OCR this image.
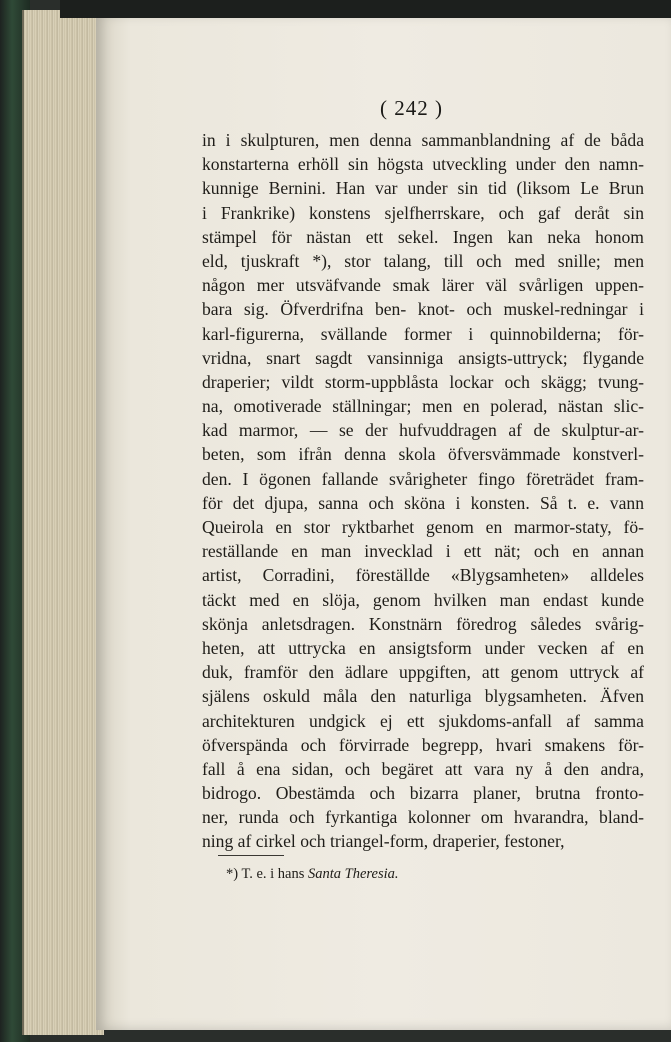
( 242 )
in i skulpturen, men denna sammanblandning af de båda
konstarterna erhöll sin högsta utveckling under den namn-
kunnige Bernini. Han var under sin tid (liksom Le Brun
i Frankrike) konstens sjelfherrskare, och gaf deråt sin
stämpel för nästan ett sekel. Ingen kan neka honom
eld, tjuskraft *), stor talang, till och med snille; men
någon mer utsväfvande smak lärer väl svårligen uppen-
bara sig. Öfverdrifna ben- knot- och muskel-redningar i
karl-figurerna, svällande former i quinnobilderna; för-
vridna, snart sagdt vansinniga ansigts-uttryck; flygande
draperier; vildt storm-uppblåsta lockar och skägg; tvung-
na, omotiverade ställningar; men en polerad, nästan slic-
kad marmor, — se der hufvuddragen af de skulptur-ar-
beten, som ifrån denna skola öfversvämmade konstverl-
den. I ögonen fallande svårigheter fingo företrädet fram-
för det djupa, sanna och sköna i konsten. Så t. e. vann
Queirola en stor ryktbarhet genom en marmor-staty, fö-
reställande en man invecklad i ett nät; och en annan
artist, Corradini, föreställde «Blygsamheten» alldeles
täckt med en slöja, genom hvilken man endast kunde
skönja anletsdragen. Konstnärn föredrog således svårig-
heten, att uttrycka en ansigtsform under vecken af en
duk, framför den ädlare uppgiften, att genom uttryck af
själens oskuld måla den naturliga blygsamheten. Äfven
architekturen undgick ej ett sjukdoms-anfall af samma
öfverspända och förvirrade begrepp, hvari smakens för-
fall å ena sidan, och begäret att vara ny å den andra,
bidrogo. Obestämda och bizarra planer, brutna fronto-
ner, runda och fyrkantiga kolonner om hvarandra, bland-
ning af cirkel och triangel-form, draperier, festoner,
*) T. e. i hans Santa Theresia.
